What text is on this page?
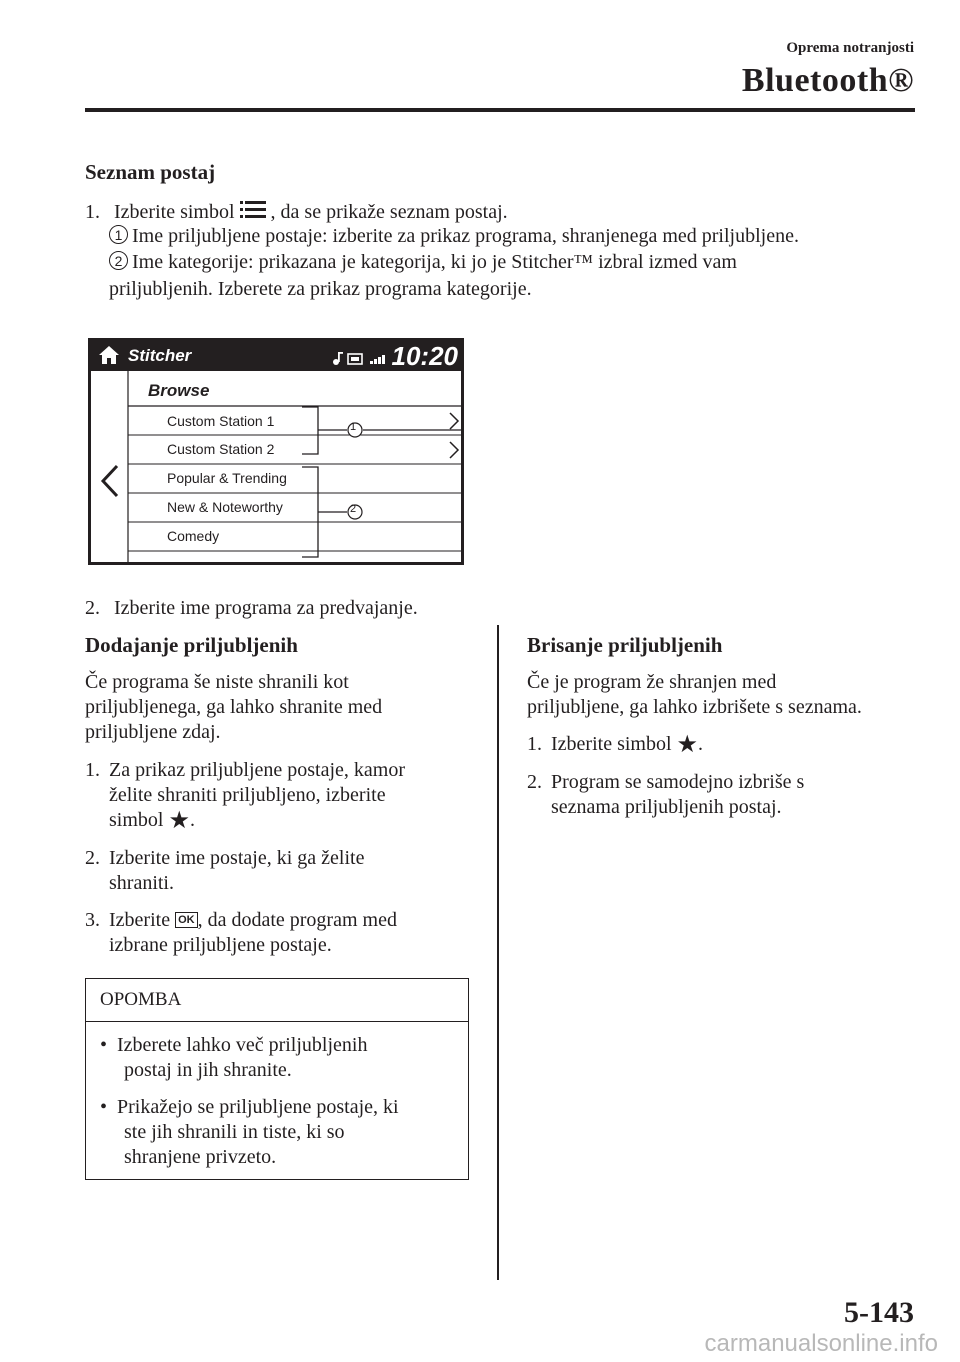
Oprema notranjosti
Bluetooth®
Seznam postaj
1. Izberite simbol , da se prikaže seznam postaj.
1 Ime priljubljene postaje: izberite za prikaz programa, shranjenega med priljubljene.
2 Ime kategorije: prikazana je kategorija, ki jo je Stitcher™ izbral izmed vam
priljubljenih. Izberete za prikaz programa kategorije.
Stitcher	10:20
Browse
Custom Station 1
Custom Station 2
Popular & Trending
New & Noteworthy
Comedy
1
2
2. Izberite ime programa za predvajanje.
Dodajanje priljubljenih
Če programa še niste shranili kot
priljubljenega, ga lahko shranite med
priljubljene zdaj.
1. Za prikaz priljubljene postaje, kamor
želite shraniti priljubljeno, izberite
simbol ★.
2. Izberite ime postaje, ki ga želite
shraniti.
3. Izberite OK , da dodate program med
izbrane priljubljene postaje.
OPOMBA
• Izberete lahko več priljubljenih
postaj in jih shranite.
• Prikažejo se priljubljene postaje, ki
ste jih shranili in tiste, ki so
shranjene privzeto.
Brisanje priljubljenih
Če je program že shranjen med
priljubljene, ga lahko izbrišete s seznama.
1. Izberite simbol ★.
2. Program se samodejno izbriše s
seznama priljubljenih postaj.
5-143
carmanualsonline.info
